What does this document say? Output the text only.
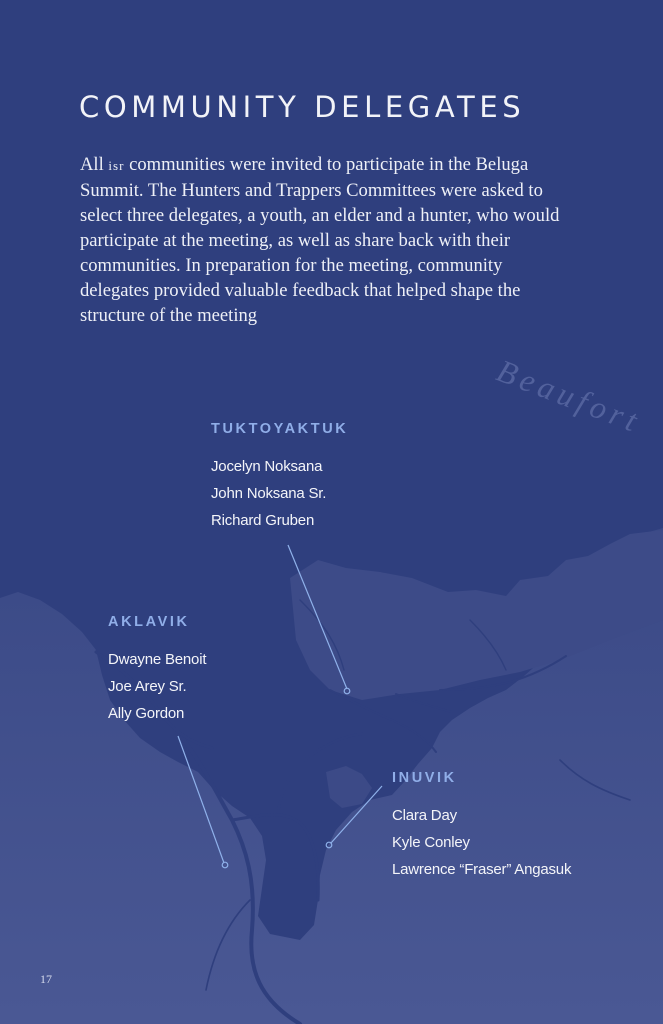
Beaufort
COMMUNITY DELEGATES

All isr communities were invited to participate in the Beluga Summit. The Hunters and Trappers Committees were asked to select three delegates, a youth, an elder and a hunter, who would participate at the meeting, as well as share back with their communities. In preparation for the meeting, community delegates provided valuable feedback that helped shape the structure of the meeting

TUKTOYAKTUK
Jocelyn Noksana
John Noksana Sr.
Richard Gruben
AKLAVIK
Dwayne Benoit
Joe Arey Sr.
Ally Gordon
INUVIK
Clara Day
Kyle Conley
Lawrence “Fraser” Angasuk
17
